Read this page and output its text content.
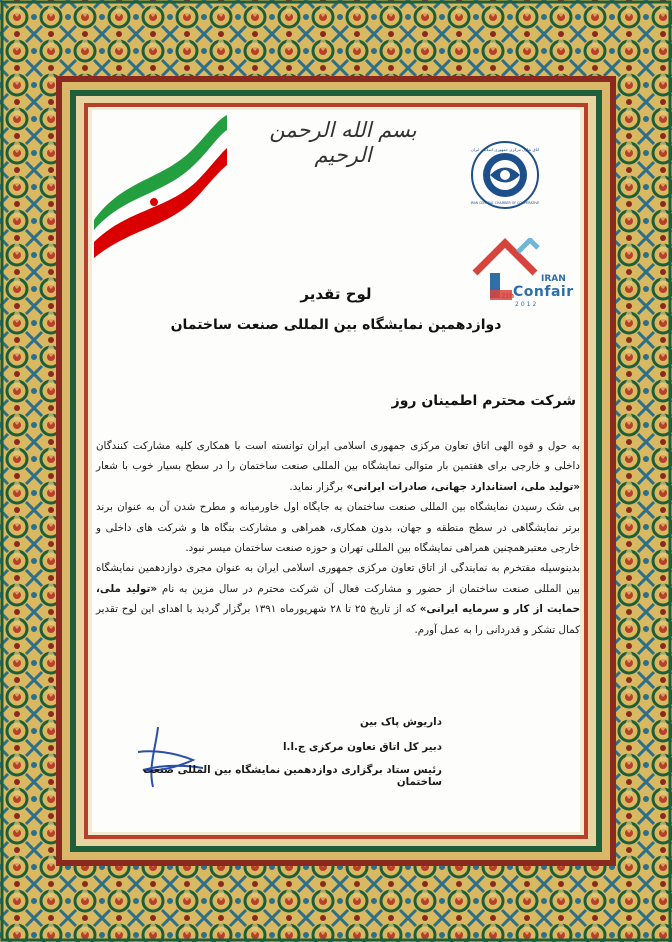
بسم الله الرحمن الرحیم	اتاق تعاون مرکزی جمهوری اسلامی ایران
IRAN CENTRAL CHAMBER OF COOPERATIVE
IRAN
12th
Confair
2012
لوح تقدیر
دوازدهمین نمایشگاه بین المللی صنعت ساختمان
شرکت محترم اطمینان روز

به حول و قوه الهی اتاق تعاون مرکزی جمهوری اسلامی ایران توانسته است با همکاری کلیه مشارکت کنندگان داخلی و خارجی برای هفتمین بار متوالی نمایشگاه بین المللی صنعت ساختمان را در سطح بسیار خوب با شعار «تولید ملی، استاندارد جهانی، صادرات ایرانی» برگزار نماید.

بی شک رسیدن نمایشگاه بین المللی صنعت ساختمان به جایگاه اول خاورمیانه و مطرح شدن آن به عنوان برند برتر نمایشگاهی در سطح منطقه و جهان، بدون همکاری، همراهی و مشارکت بنگاه ها و شرکت های داخلی و خارجی معتبرهمچنین همراهی نمایشگاه بین المللی تهران و حوزه صنعت ساختمان میسر نبود.

بدینوسیله مفتخرم به نمایندگی از اتاق تعاون مرکزی جمهوری اسلامی ایران به عنوان مجری دوازدهمین نمایشگاه بین المللی صنعت ساختمان از حضور و مشارکت فعال آن شرکت محترم در سال مزین به نام «تولید ملی، حمایت از کار و سرمایه ایرانی» که از تاریخ ۲۵ تا ۲۸ شهریورماه ۱۳۹۱ برگزار گردید با اهدای این لوح تقدیر کمال تشکر و قدردانی را به عمل آورم.

داریوش پاک بین
دبیر کل اتاق تعاون مرکزی ج.ا.ا
رئیس ستاد برگزاری دوازدهمین نمایشگاه بین المللی صنعت ساختمان
